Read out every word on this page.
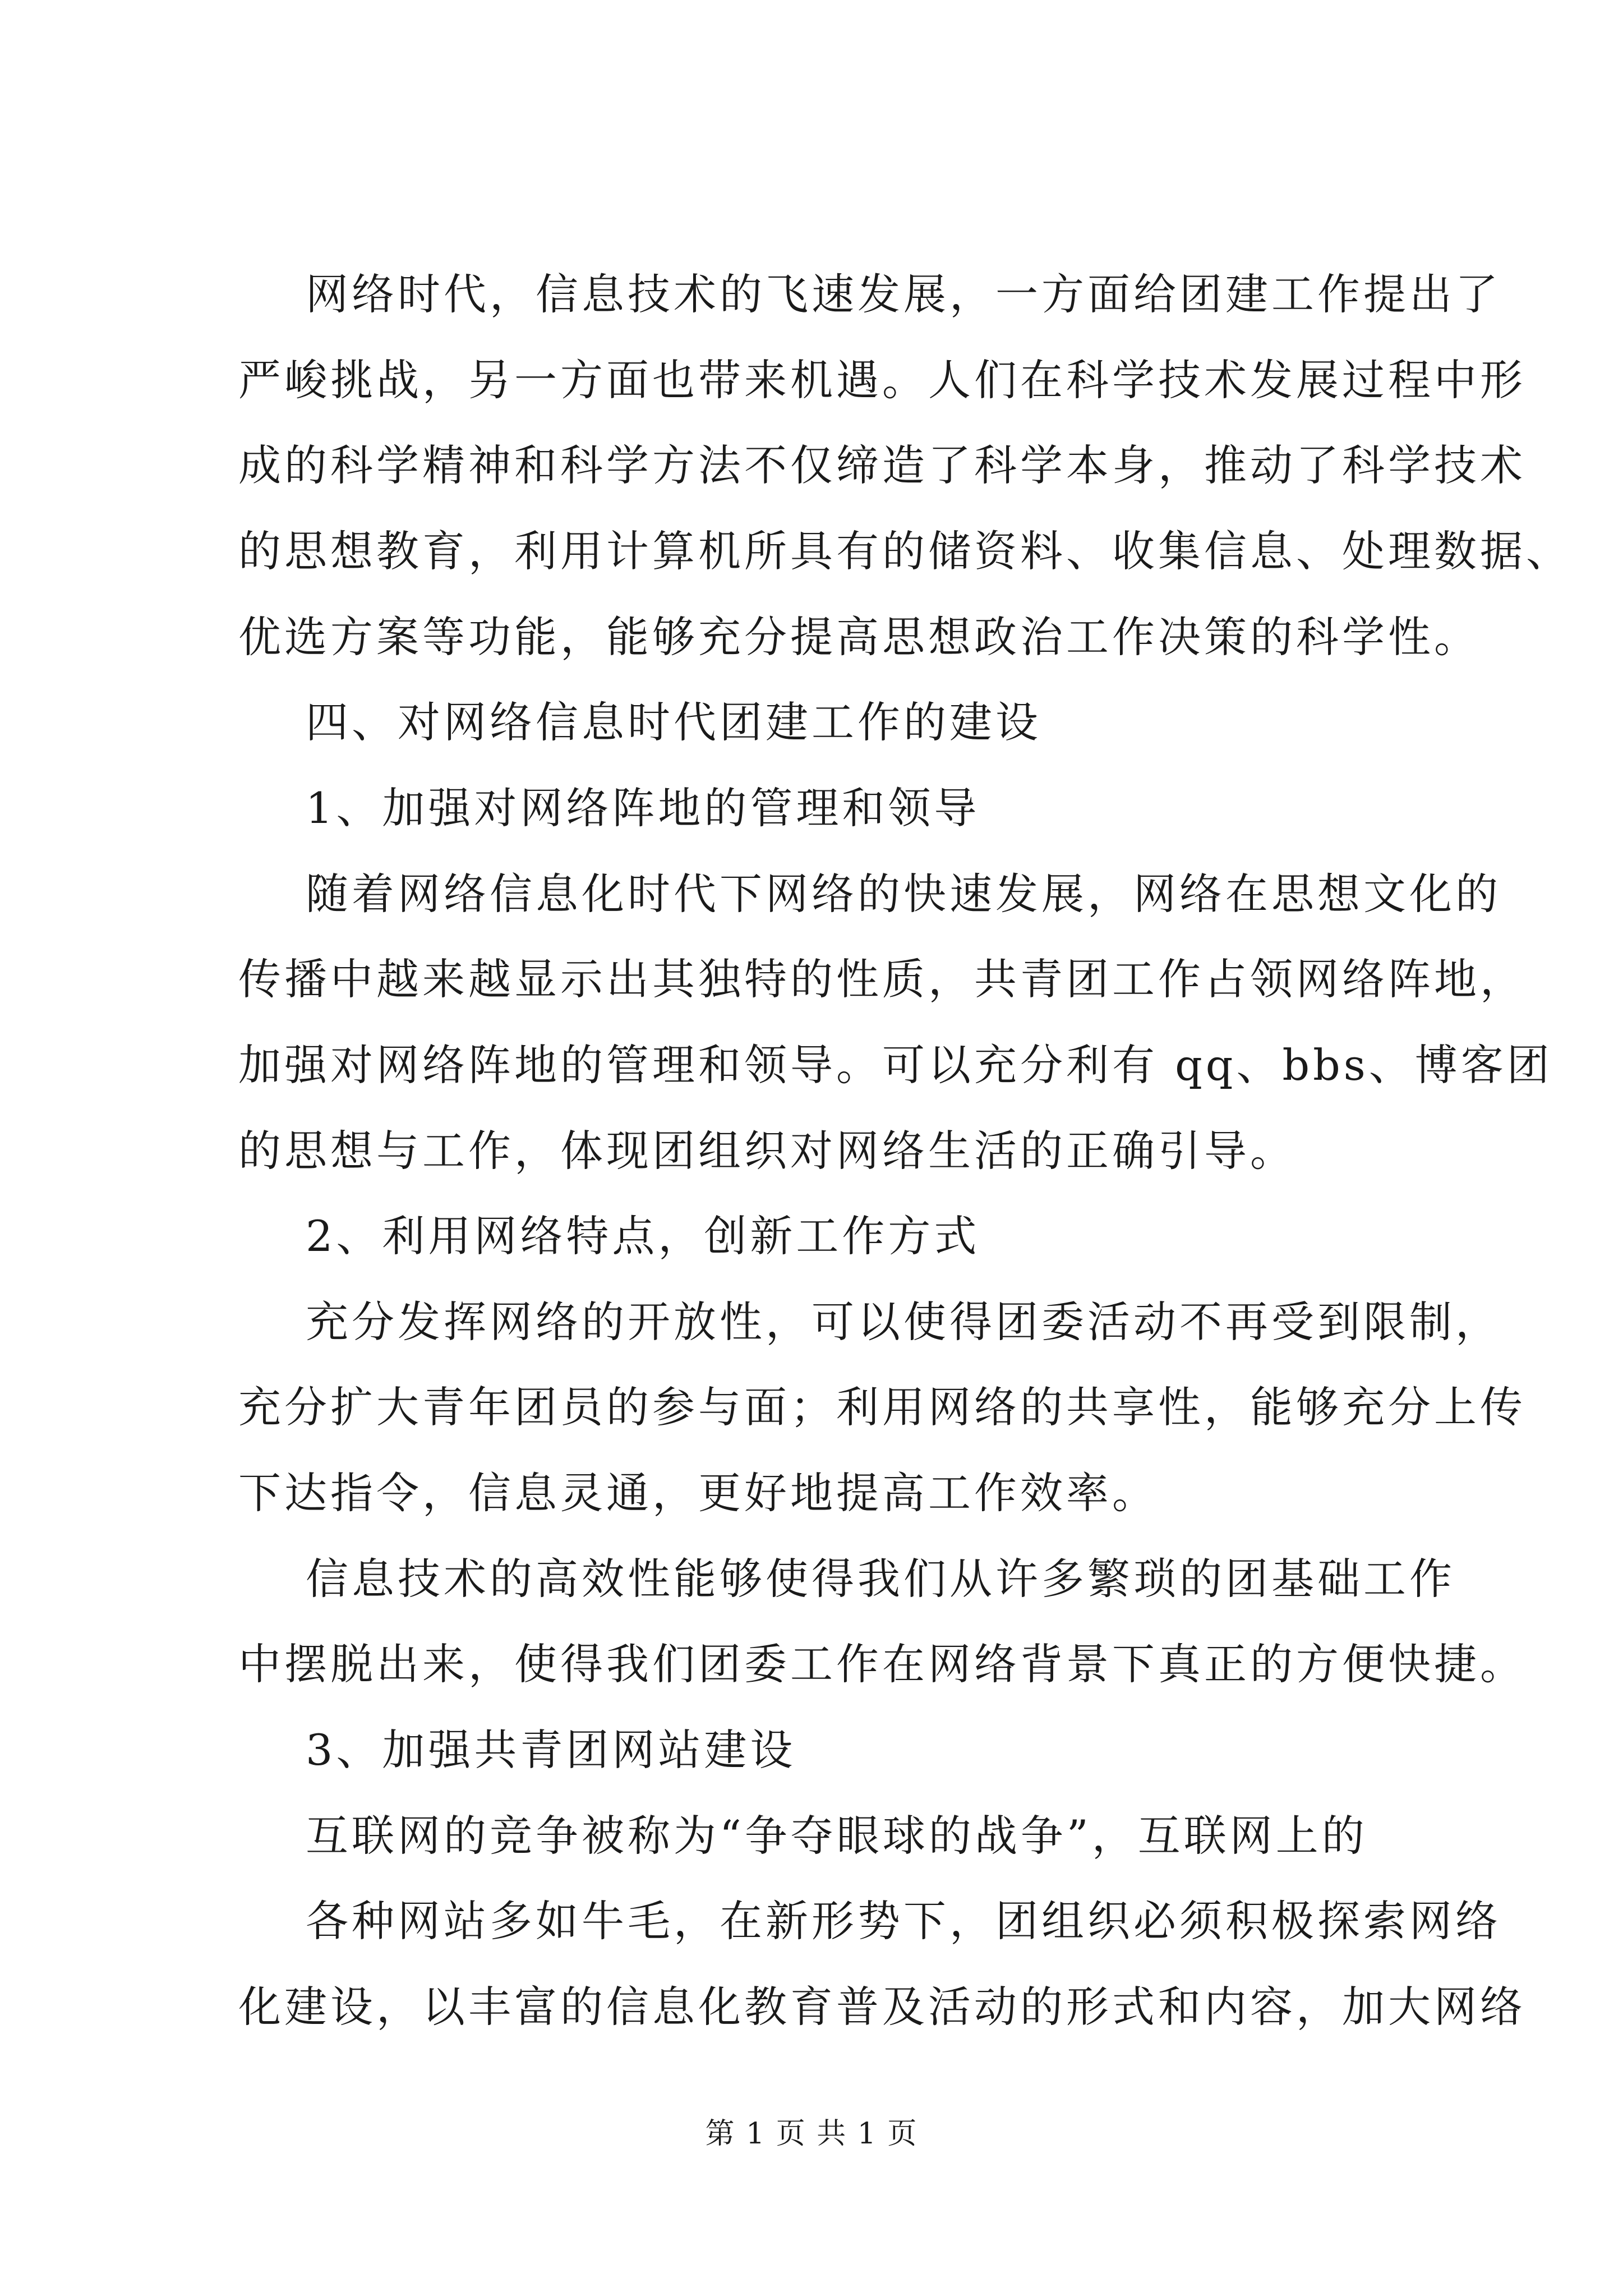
网络时代，信息技术的飞速发展，一方面给团建工作提出了
严峻挑战，另一方面也带来机遇。人们在科学技术发展过程中形
成的科学精神和科学方法不仅缔造了科学本身，推动了科学技术
的思想教育，利用计算机所具有的储资料、收集信息、处理数据、
优选方案等功能，能够充分提高思想政治工作决策的科学性。
四、对网络信息时代团建工作的建设
1、加强对网络阵地的管理和领导
随着网络信息化时代下网络的快速发展，网络在思想文化的
传播中越来越显示出其独特的性质，共青团工作占领网络阵地，
加强对网络阵地的管理和领导。可以充分利有 qq、bbs、博客团
的思想与工作，体现团组织对网络生活的正确引导。
2、利用网络特点，创新工作方式
充分发挥网络的开放性，可以使得团委活动不再受到限制，
充分扩大青年团员的参与面；利用网络的共享性，能够充分上传
下达指令，信息灵通，更好地提高工作效率。
信息技术的高效性能够使得我们从许多繁琐的团基础工作
中摆脱出来，使得我们团委工作在网络背景下真正的方便快捷。
3、加强共青团网站建设
互联网的竞争被称为“争夺眼球的战争”，互联网上的
各种网站多如牛毛，在新形势下，团组织必须积极探索网络
化建设，以丰富的信息化教育普及活动的形式和内容，加大网络
第 1 页 共 1 页
